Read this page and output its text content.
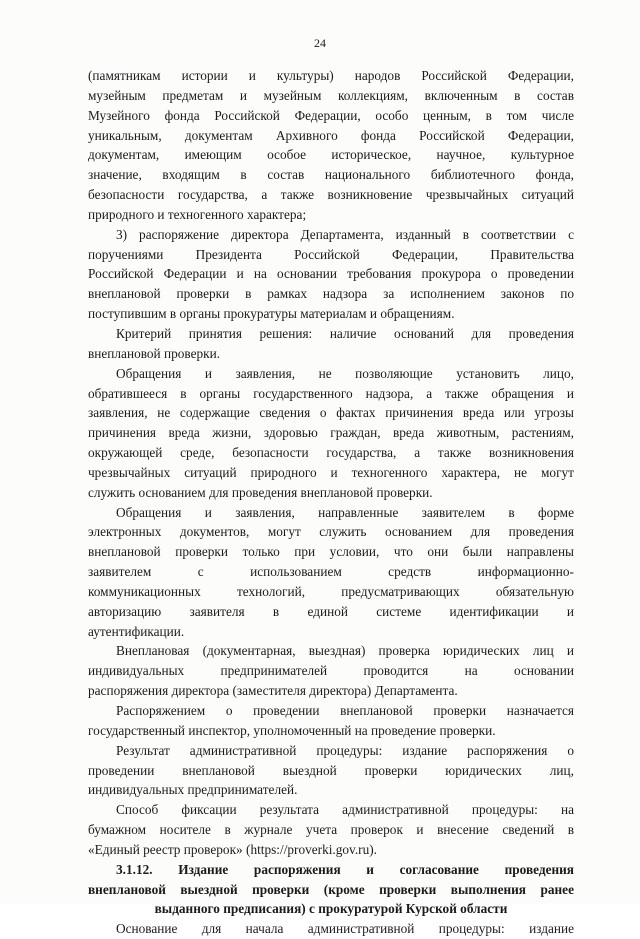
24
(памятникам истории и культуры) народов Российской Федерации,
музейным предметам и музейным коллекциям, включенным в состав
Музейного фонда Российской Федерации, особо ценным, в том числе
уникальным, документам Архивного фонда Российской Федерации,
документам, имеющим особое историческое, научное, культурное
значение, входящим в состав национального библиотечного фонда,
безопасности государства, а также возникновение чрезвычайных ситуаций
природного и техногенного характера;
3) распоряжение директора Департамента, изданный в соответствии с
поручениями Президента Российской Федерации, Правительства
Российской Федерации и на основании требования прокурора о проведении
внеплановой проверки в рамках надзора за исполнением законов по
поступившим в органы прокуратуры материалам и обращениям.
Критерий принятия решения: наличие оснований для проведения
внеплановой проверки.
Обращения и заявления, не позволяющие установить лицо,
обратившееся в органы государственного надзора, а также обращения и
заявления, не содержащие сведения о фактах причинения вреда или угрозы
причинения вреда жизни, здоровью граждан, вреда животным, растениям,
окружающей среде, безопасности государства, а также возникновения
чрезвычайных ситуаций природного и техногенного характера, не могут
служить основанием для проведения внеплановой проверки.
Обращения и заявления, направленные заявителем в форме
электронных документов, могут служить основанием для проведения
внеплановой проверки только при условии, что они были направлены
заявителем с использованием средств информационно-
коммуникационных технологий, предусматривающих обязательную
авторизацию заявителя в единой системе идентификации и
аутентификации.
Внеплановая (документарная, выездная) проверка юридических лиц и
индивидуальных предпринимателей проводится на основании
распоряжения директора (заместителя директора) Департамента.
Распоряжением о проведении внеплановой проверки назначается
государственный инспектор, уполномоченный на проведение проверки.
Результат административной процедуры: издание распоряжения о
проведении внеплановой выездной проверки юридических лиц,
индивидуальных предпринимателей.
Способ фиксации результата административной процедуры: на
бумажном носителе в журнале учета проверок и внесение сведений в
«Единый реестр проверок» (https://proverki.gov.ru).
3.1.12. Издание распоряжения и согласование проведения
внеплановой выездной проверки (кроме проверки выполнения ранее
выданного предписания) с прокуратурой Курской области
Основание для начала административной процедуры: издание
